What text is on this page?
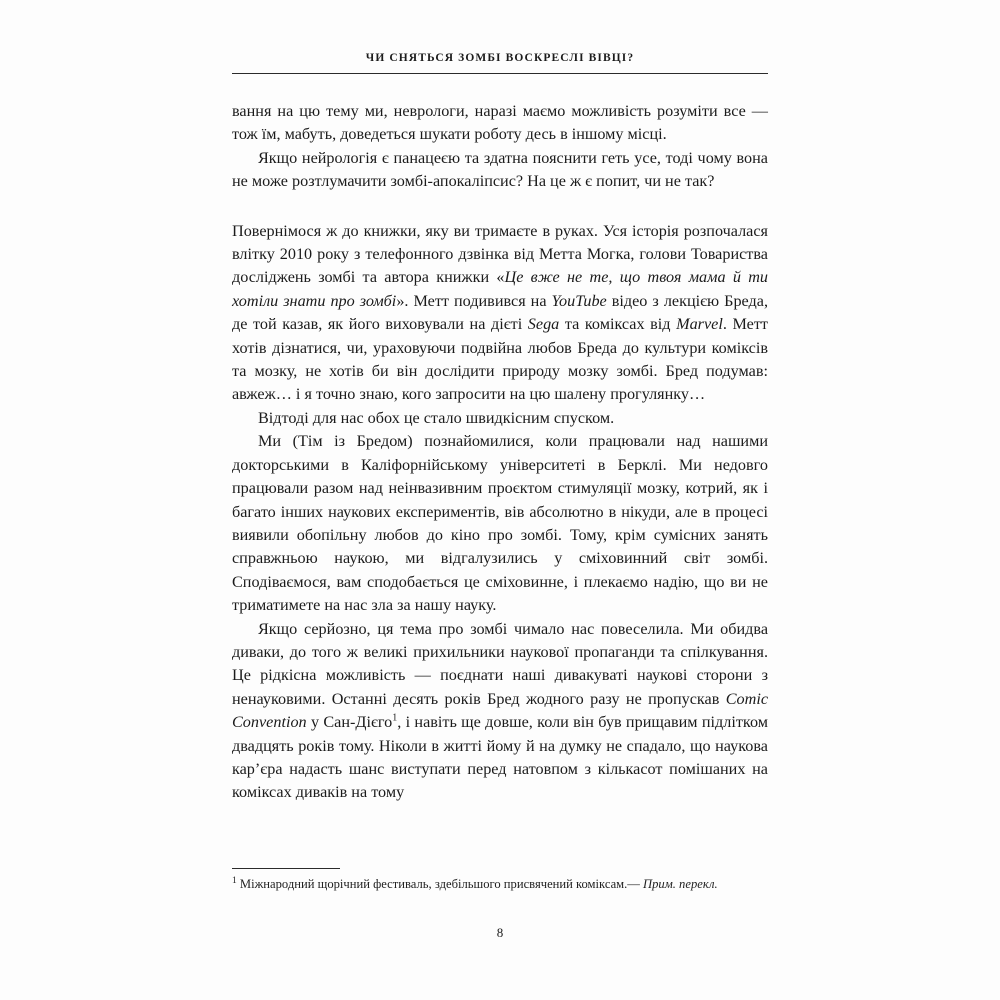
ЧИ СНЯТЬСЯ ЗОМБІ ВОСКРЕСЛІ ВІВЦІ?

вання на цю тему ми, неврологи, наразі маємо можливість розуміти все — тож їм, мабуть, доведеться шукати роботу десь в іншому місці.

Якщо нейрологія є панацеєю та здатна пояснити геть усе, тоді чому вона не може розтлумачити зомбі-апокаліпсис? На це ж є попит, чи не так?

Повернімося ж до книжки, яку ви тримаєте в руках. Уся історія розпочалася влітку 2010 року з телефонного дзвінка від Метта Могка, голови Товариства досліджень зомбі та автора книжки «Це вже не те, що твоя мама й ти хотіли знати про зомбі». Метт подивився на YouTube відео з лекцією Бреда, де той казав, як його виховували на дієті Sega та коміксах від Marvel. Метт хотів дізнатися, чи, ураховуючи подвійна любов Бреда до культури коміксів та мозку, не хотів би він дослідити природу мозку зомбі. Бред подумав: авжеж… і я точно знаю, кого запросити на цю шалену прогулянку…

Відтоді для нас обох це стало швидкісним спуском.

Ми (Тім із Бредом) познайомилися, коли працювали над нашими докторськими в Каліфорнійському університеті в Берклі. Ми недовго працювали разом над неінвазивним проєктом стимуляції мозку, котрий, як і багато інших наукових експериментів, вів абсолютно в нікуди, але в процесі виявили обопільну любов до кіно про зомбі. Тому, крім сумісних занять справжньою наукою, ми відгалузились у сміховинний світ зомбі. Сподіваємося, вам сподобається це сміховинне, і плекаємо надію, що ви не триматимете на нас зла за нашу науку.

Якщо серйозно, ця тема про зомбі чимало нас повеселила. Ми обидва диваки, до того ж великі прихильники наукової пропаганди та спілкування. Це рідкісна можливість — поєднати наші дивакуваті наукові сторони з ненауковими. Останні десять років Бред жодного разу не пропускав Comic Convention у Сан-Дієго$^1$, і навіть ще довше, коли він був прищавим підлітком двадцять років тому. Ніколи в житті йому й на думку не спадало, що наукова кар’єра надасть шанс виступати перед натовпом з кількасот помішаних на коміксах диваків на тому

$^1$ Міжнародний щорічний фестиваль, здебільшого присвячений коміксам.— Прим. перекл.

8
